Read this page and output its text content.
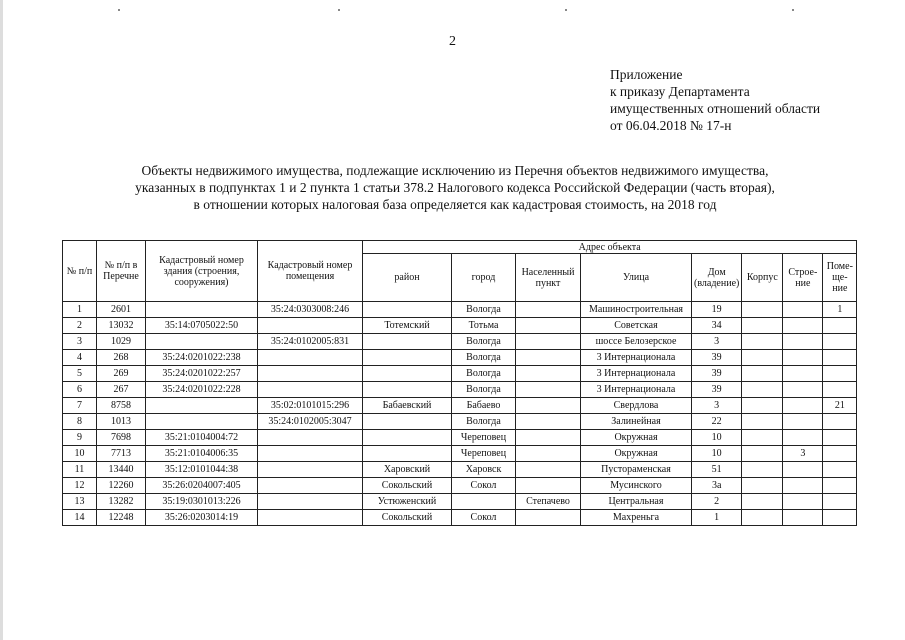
2
Приложение
к приказу Департамента
имущественных отношений области
от 06.04.2018 № 17-н
Объекты недвижимого имущества, подлежащие исключению из Перечня объектов недвижимого имущества,
указанных в подпунктах 1 и 2 пункта 1 статьи 378.2 Налогового кодекса Российской Федерации (часть вторая),
в отношении которых налоговая база определяется как кадастровая стоимость, на 2018 год
№ п/п	№ п/п в Перечне	Кадастровый номер здания (строения, сооружения)	Кадастровый номер помещения	Адрес объекта							
				район	город	Населенный пункт	Улица	Дом (владение)	Корпус	Строе-ние	Поме-ще-ние
1	2601		35:24:0303008:246		Вологда		Машиностроительная	19			1
2	13032	35:14:0705022:50		Тотемский	Тотьма		Советская	34			
3	1029		35:24:0102005:831		Вологда		шоссе Белозерское	3			
4	268	35:24:0201022:238			Вологда		3 Интернационала	39			
5	269	35:24:0201022:257			Вологда		3 Интернационала	39			
6	267	35:24:0201022:228			Вологда		3 Интернационала	39			
7	8758		35:02:0101015:296	Бабаевский	Бабаево		Свердлова	3			21
8	1013		35:24:0102005:3047		Вологда		Залинейная	22			
9	7698	35:21:0104004:72			Череповец		Окружная	10			
10	7713	35:21:0104006:35			Череповец		Окружная	10		3	
11	13440	35:12:0101044:38		Харовский	Харовск		Пустораменская	51			
12	12260	35:26:0204007:405		Сокольский	Сокол		Мусинского	3а			
13	13282	35:19:0301013:226		Устюженский		Степачево	Центральная	2			
14	12248	35:26:0203014:19		Сокольский	Сокол		Махреньга	1			
